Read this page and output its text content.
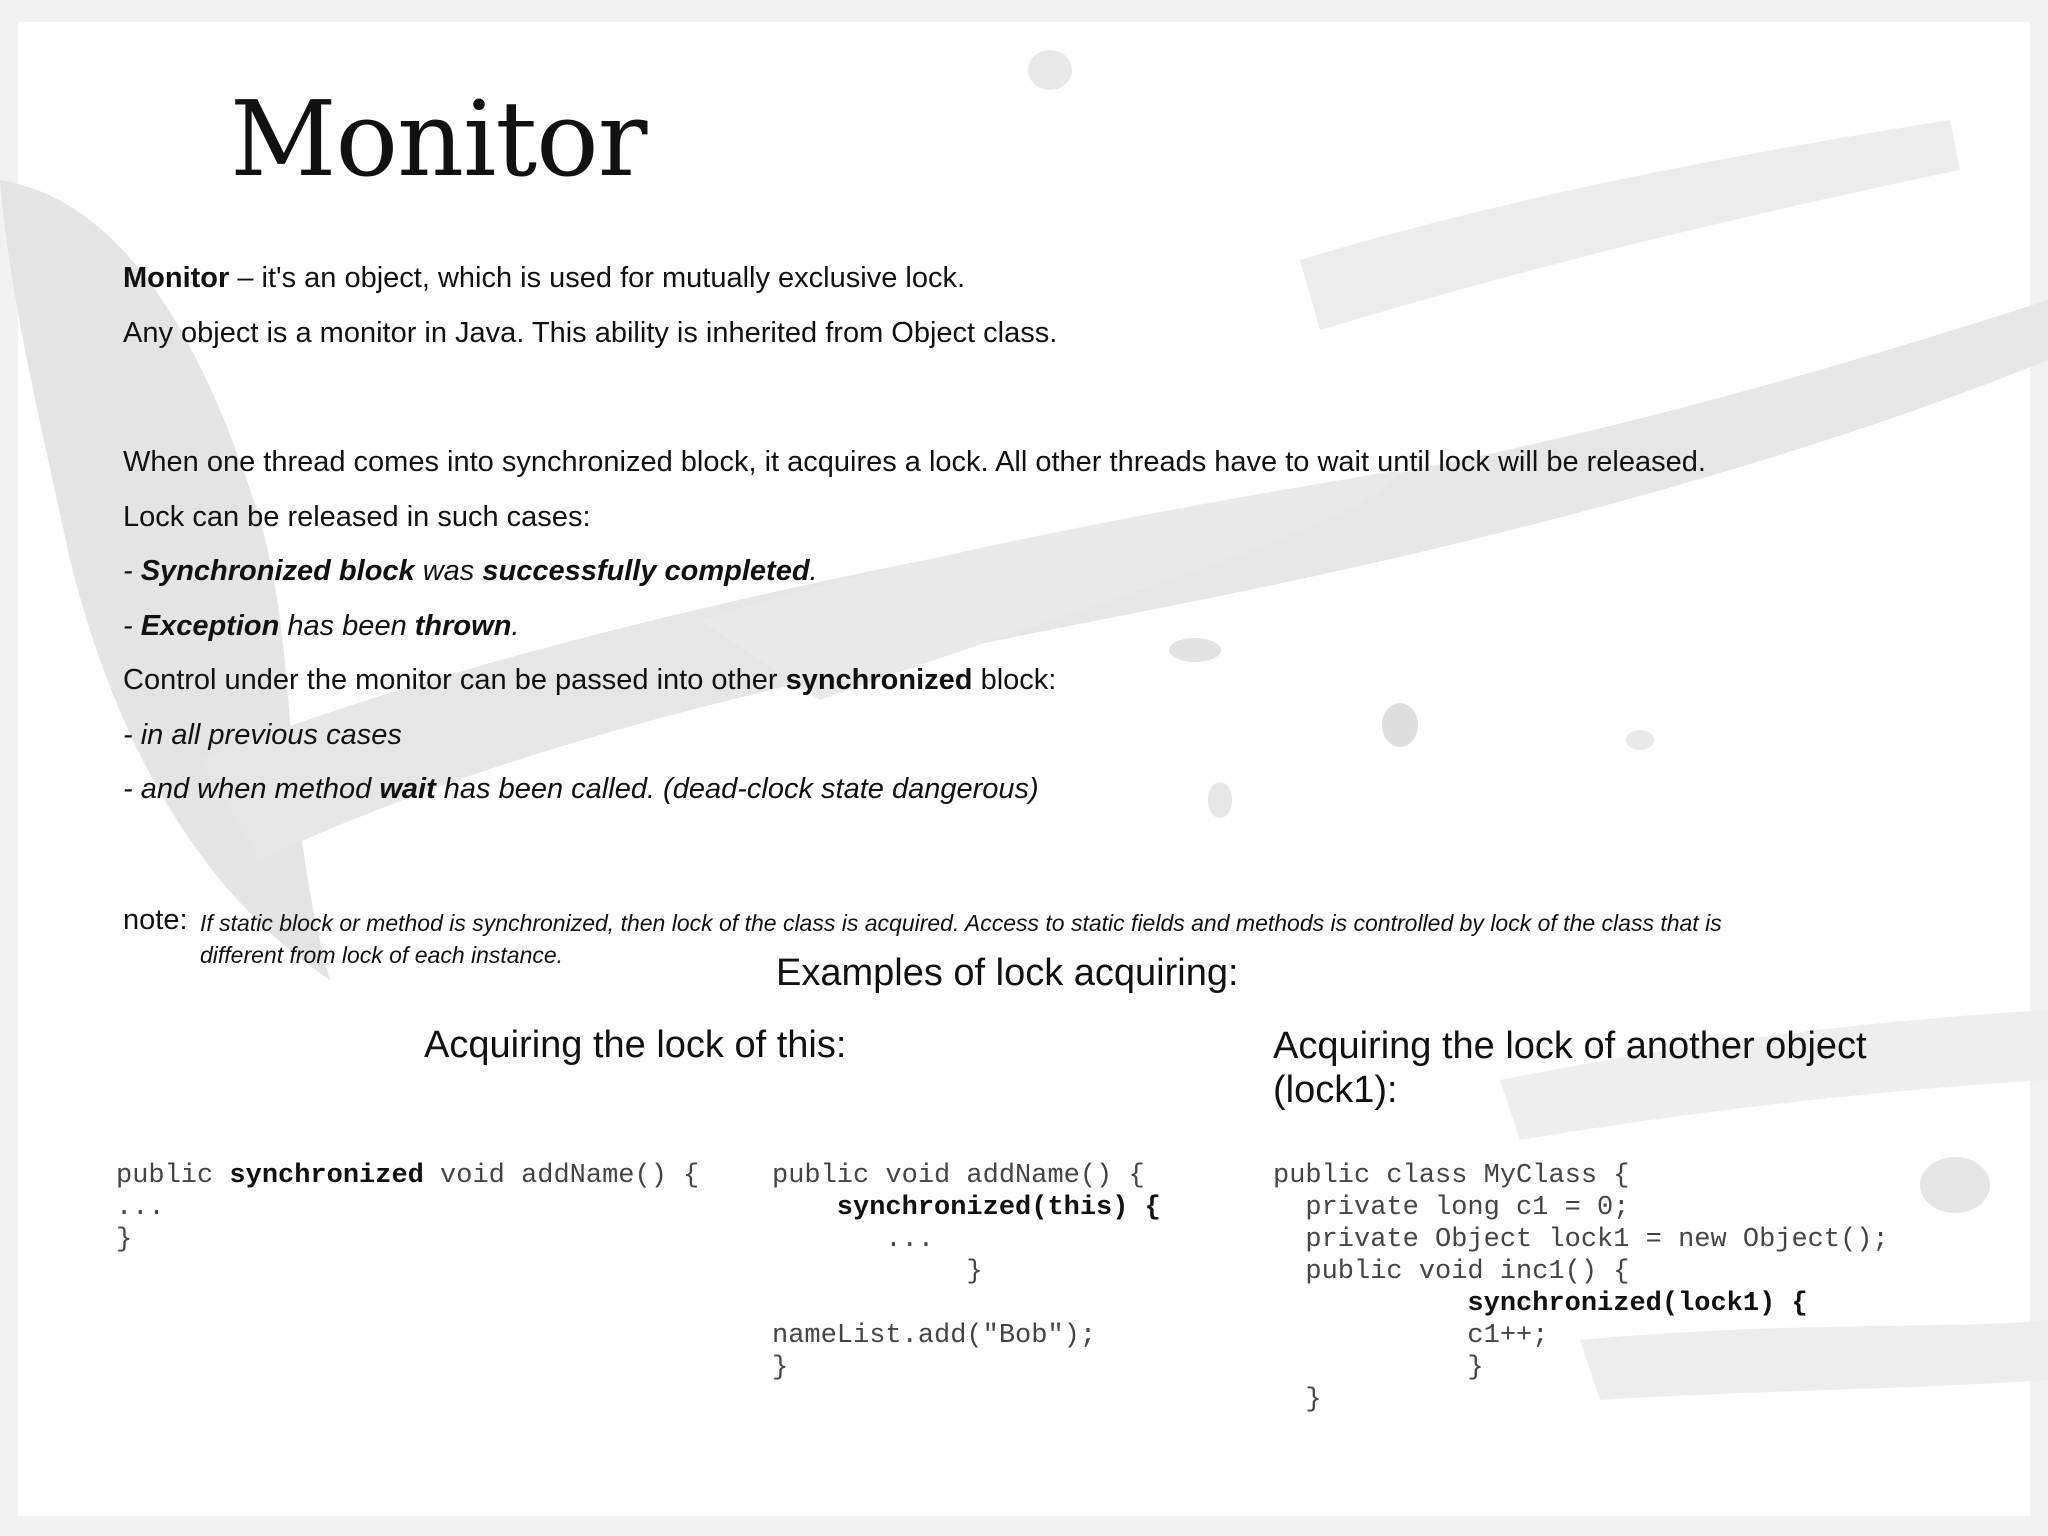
Monitor
Monitor – it's an object, which is used for mutually exclusive lock.
Any object is a monitor in Java. This ability is inherited from Object class.
When one thread comes into synchronized block, it acquires a lock. All other threads have to wait until lock will be released.
Lock can be released in such cases:
- Synchronized block was successfully completed.
- Exception has been thrown.
Control under the monitor can be passed into other synchronized block:
- in all previous cases
- and when method wait has been called. (dead-clock state dangerous)
note: If static block or method is synchronized, then lock of the class is acquired. Access to static fields and methods is controlled by lock of the class that is
different from lock of each instance.	Examples of lock acquiring:
Acquiring the lock of this:	Acquiring the lock of another object
(lock1):
public synchronized void addName() {
...
}
public void addName() {
synchronized(this) {
...
}
nameList.add("Bob");
}
public class MyClass {
private long c1 = 0;
private Object lock1 = new Object();
public void inc1() {
synchronized(lock1) {
c1++;
}
}
